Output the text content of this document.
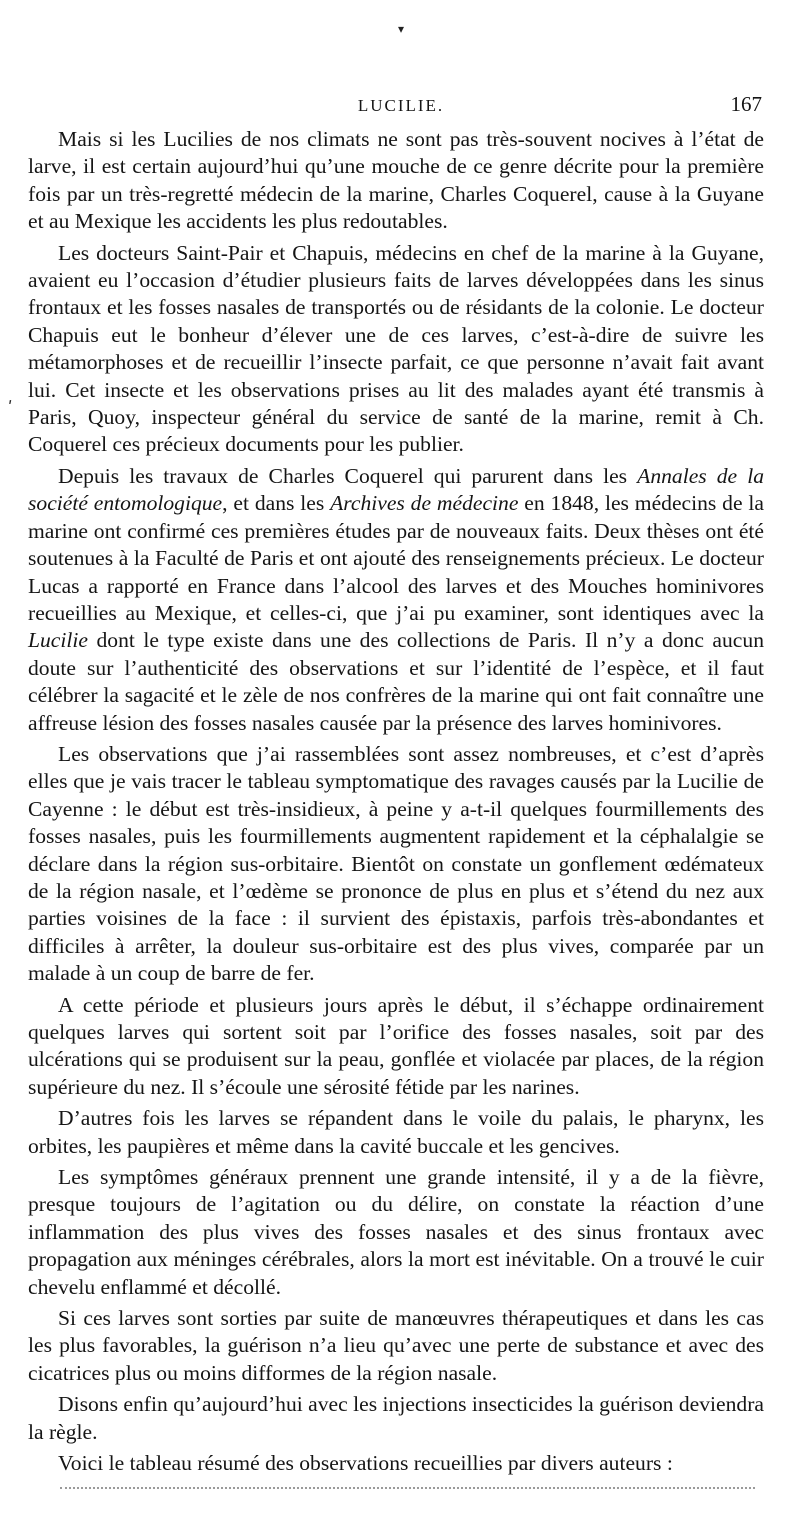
▾
ʹ
LUCILIE.	167

Mais si les Lucilies de nos climats ne sont pas très-souvent nocives à l’état de larve, il est certain aujourd’hui qu’une mouche de ce genre décrite pour la première fois par un très-regretté médecin de la marine, Charles Coquerel, cause à la Guyane et au Mexique les accidents les plus redoutables.

Les docteurs Saint-Pair et Chapuis, médecins en chef de la marine à la Guyane, avaient eu l’occasion d’étudier plusieurs faits de larves développées dans les sinus frontaux et les fosses nasales de transportés ou de résidants de la colonie. Le docteur Chapuis eut le bonheur d’élever une de ces larves, c’est-à-dire de suivre les métamorphoses et de recueillir l’insecte parfait, ce que personne n’avait fait avant lui. Cet insecte et les observations prises au lit des malades ayant été transmis à Paris, Quoy, inspecteur général du service de santé de la marine, remit à Ch. Coquerel ces précieux documents pour les publier.

Depuis les travaux de Charles Coquerel qui parurent dans les Annales de la société entomologique, et dans les Archives de médecine en 1848, les médecins de la marine ont confirmé ces premières études par de nouveaux faits. Deux thèses ont été soutenues à la Faculté de Paris et ont ajouté des renseignements précieux. Le docteur Lucas a rapporté en France dans l’alcool des larves et des Mouches hominivores recueillies au Mexique, et celles-ci, que j’ai pu examiner, sont identiques avec la Lucilie dont le type existe dans une des collections de Paris. Il n’y a donc aucun doute sur l’authenticité des observations et sur l’identité de l’espèce, et il faut célébrer la sagacité et le zèle de nos confrères de la marine qui ont fait connaître une affreuse lésion des fosses nasales causée par la présence des larves hominivores.

Les observations que j’ai rassemblées sont assez nombreuses, et c’est d’après elles que je vais tracer le tableau symptomatique des ravages causés par la Lucilie de Cayenne : le début est très-insidieux, à peine y a-t-il quelques fourmillements des fosses nasales, puis les fourmillements augmentent rapidement et la céphalalgie se déclare dans la région sus-orbitaire. Bientôt on constate un gonflement œdémateux de la région nasale, et l’œdème se prononce de plus en plus et s’étend du nez aux parties voisines de la face : il survient des épistaxis, parfois très-abondantes et difficiles à arrêter, la douleur sus-orbitaire est des plus vives, comparée par un malade à un coup de barre de fer.

A cette période et plusieurs jours après le début, il s’échappe ordinairement quelques larves qui sortent soit par l’orifice des fosses nasales, soit par des ulcérations qui se produisent sur la peau, gonflée et violacée par places, de la région supérieure du nez. Il s’écoule une sérosité fétide par les narines.

D’autres fois les larves se répandent dans le voile du palais, le pharynx, les orbites, les paupières et même dans la cavité buccale et les gencives.

Les symptômes généraux prennent une grande intensité, il y a de la fièvre, presque toujours de l’agitation ou du délire, on constate la réaction d’une inflammation des plus vives des fosses nasales et des sinus frontaux avec propagation aux méninges cérébrales, alors la mort est inévitable. On a trouvé le cuir chevelu enflammé et décollé.

Si ces larves sont sorties par suite de manœuvres thérapeutiques et dans les cas les plus favorables, la guérison n’a lieu qu’avec une perte de substance et avec des cicatrices plus ou moins difformes de la région nasale.

Disons enfin qu’aujourd’hui avec les injections insecticides la guérison deviendra la règle.

Voici le tableau résumé des observations recueillies par divers auteurs :
